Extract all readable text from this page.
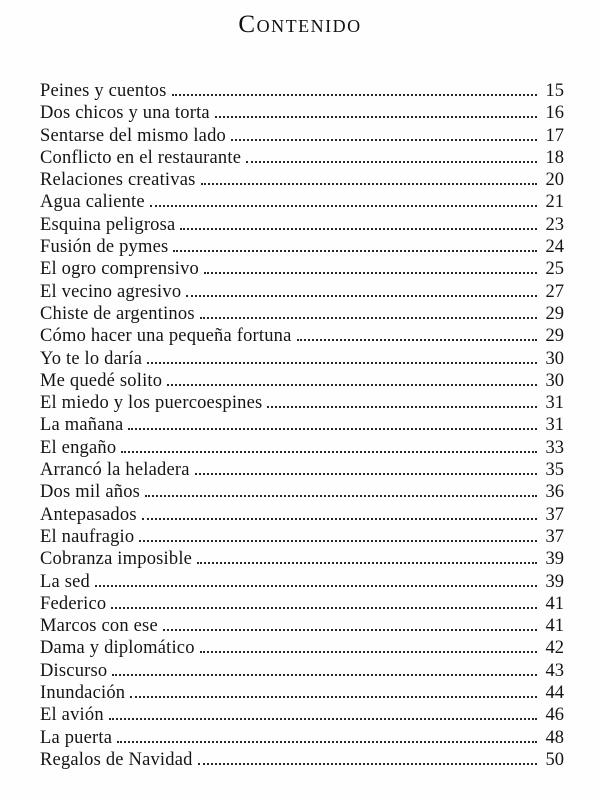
Contenido
Peines y cuentos	15
Dos chicos y una torta	16
Sentarse del mismo lado	17
Conflicto en el restaurante	18
Relaciones creativas	20
Agua caliente	21
Esquina peligrosa	23
Fusión de pymes	24
El ogro comprensivo	25
El vecino agresivo	27
Chiste de argentinos	29
Cómo hacer una pequeña fortuna	29
Yo te lo daría	30
Me quedé solito	30
El miedo y los puercoespines	31
La mañana	31
El engaño	33
Arrancó la heladera	35
Dos mil años	36
Antepasados	37
El naufragio	37
Cobranza imposible	39
La sed	39
Federico	41
Marcos con ese	41
Dama y diplomático	42
Discurso	43
Inundación	44
El avión	46
La puerta	48
Regalos de Navidad	50
